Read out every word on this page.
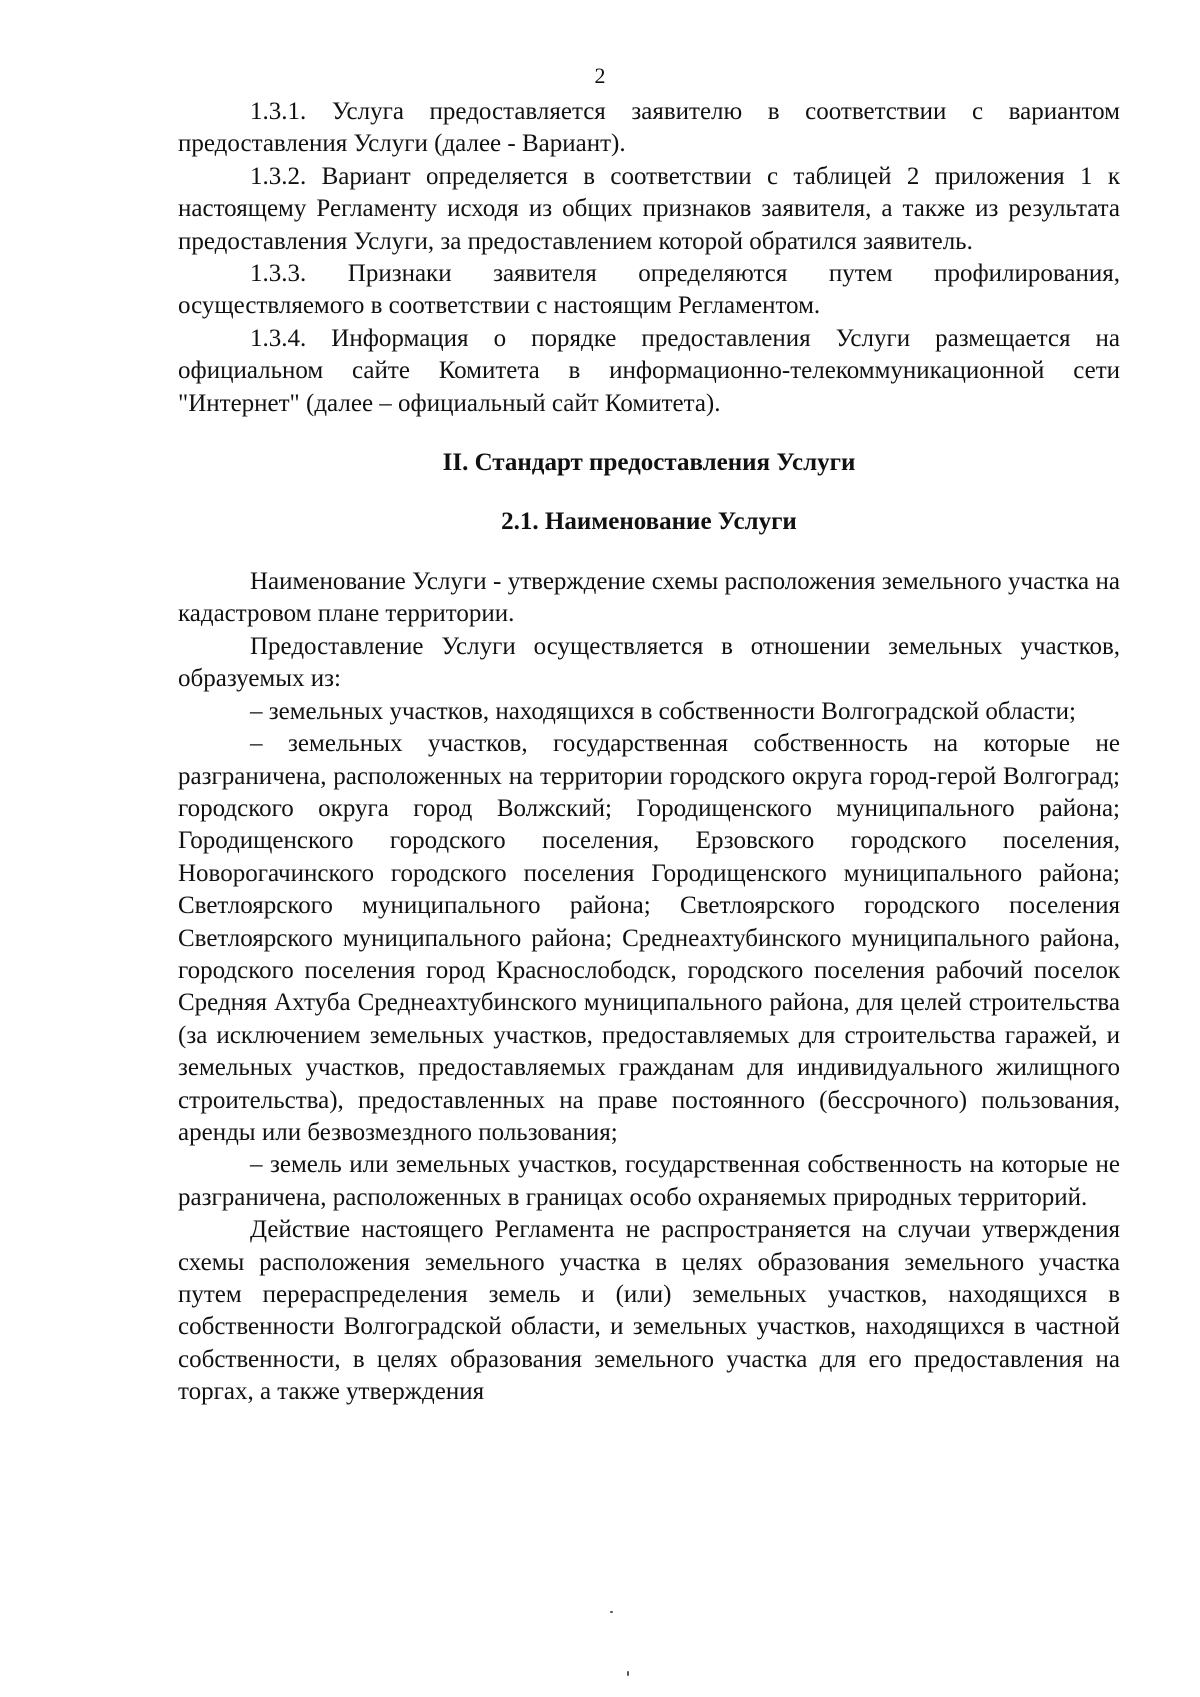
2

1.3.1. Услуга предоставляется заявителю в соответствии с вариантом предоставления Услуги (далее - Вариант).

1.3.2. Вариант определяется в соответствии с таблицей 2 приложения 1 к настоящему Регламенту исходя из общих признаков заявителя, а также из результата предоставления Услуги, за предоставлением которой обратился заявитель.

1.3.3. Признаки заявителя определяются путем профилирования, осуществляемого в соответствии с настоящим Регламентом.

1.3.4. Информация о порядке предоставления Услуги размещается на официальном сайте Комитета в информационно-телекоммуникационной сети "Интернет" (далее – официальный сайт Комитета).

II. Стандарт предоставления Услуги
2.1. Наименование Услуги

Наименование Услуги - утверждение схемы расположения земельного участка на кадастровом плане территории.

Предоставление Услуги осуществляется в отношении земельных участков, образуемых из:

– земельных участков, находящихся в собственности Волгоградской области;

– земельных участков, государственная собственность на которые не разграничена, расположенных на территории городского округа город-герой Волгоград; городского округа город Волжский; Городищенского муниципального района; Городищенского городского поселения, Ерзовского городского поселения, Новорогачинского городского поселения Городищенского муниципального района; Светлоярского муниципального района; Светлоярского городского поселения Светлоярского муниципального района; Среднеахтубинского муниципального района, городского поселения город Краснослободск, городского поселения рабочий поселок Средняя Ахтуба Среднеахтубинского муниципального района, для целей строительства (за исключением земельных участков, предоставляемых для строительства гаражей, и земельных участков, предоставляемых гражданам для индивидуального жилищного строительства), предоставленных на праве постоянного (бессрочного) пользования, аренды или безвозмездного пользования;

– земель или земельных участков, государственная собственность на которые не разграничена, расположенных в границах особо охраняемых природных территорий.

Действие настоящего Регламента не распространяется на случаи утверждения схемы расположения земельного участка в целях образования земельного участка путем перераспределения земель и (или) земельных участков, находящихся в собственности Волгоградской области, и земельных участков, находящихся в частной собственности, в целях образования земельного участка для его предоставления на торгах, а также утверждения
